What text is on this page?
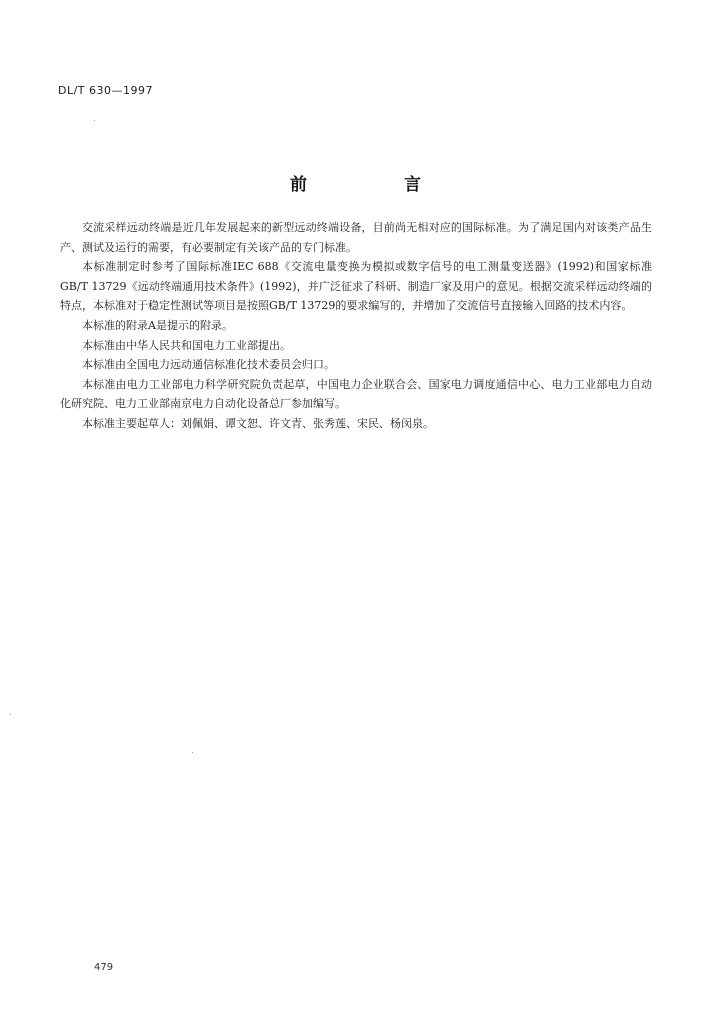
DL/T 630—1997
前　言

交流采样远动终端是近几年发展起来的新型远动终端设备，目前尚无相对应的国际标准。为了满足国内对该类产品生产、测试及运行的需要，有必要制定有关该产品的专门标准。

本标准制定时参考了国际标准IEC 688《交流电量变换为模拟或数字信号的电工测量变送器》(1992)和国家标准GB/T 13729《远动终端通用技术条件》(1992)，并广泛征求了科研、制造厂家及用户的意见。根据交流采样远动终端的特点，本标准对于稳定性测试等项目是按照GB/T 13729的要求编写的，并增加了交流信号直接输入回路的技术内容。

本标准的附录A是提示的附录。

本标准由中华人民共和国电力工业部提出。

本标准由全国电力远动通信标准化技术委员会归口。

本标准由电力工业部电力科学研究院负责起草，中国电力企业联合会、国家电力调度通信中心、电力工业部电力自动化研究院、电力工业部南京电力自动化设备总厂参加编写。

本标准主要起草人：刘佩娟、谭文恕、许文青、张秀莲、宋民、杨闵泉。

479
